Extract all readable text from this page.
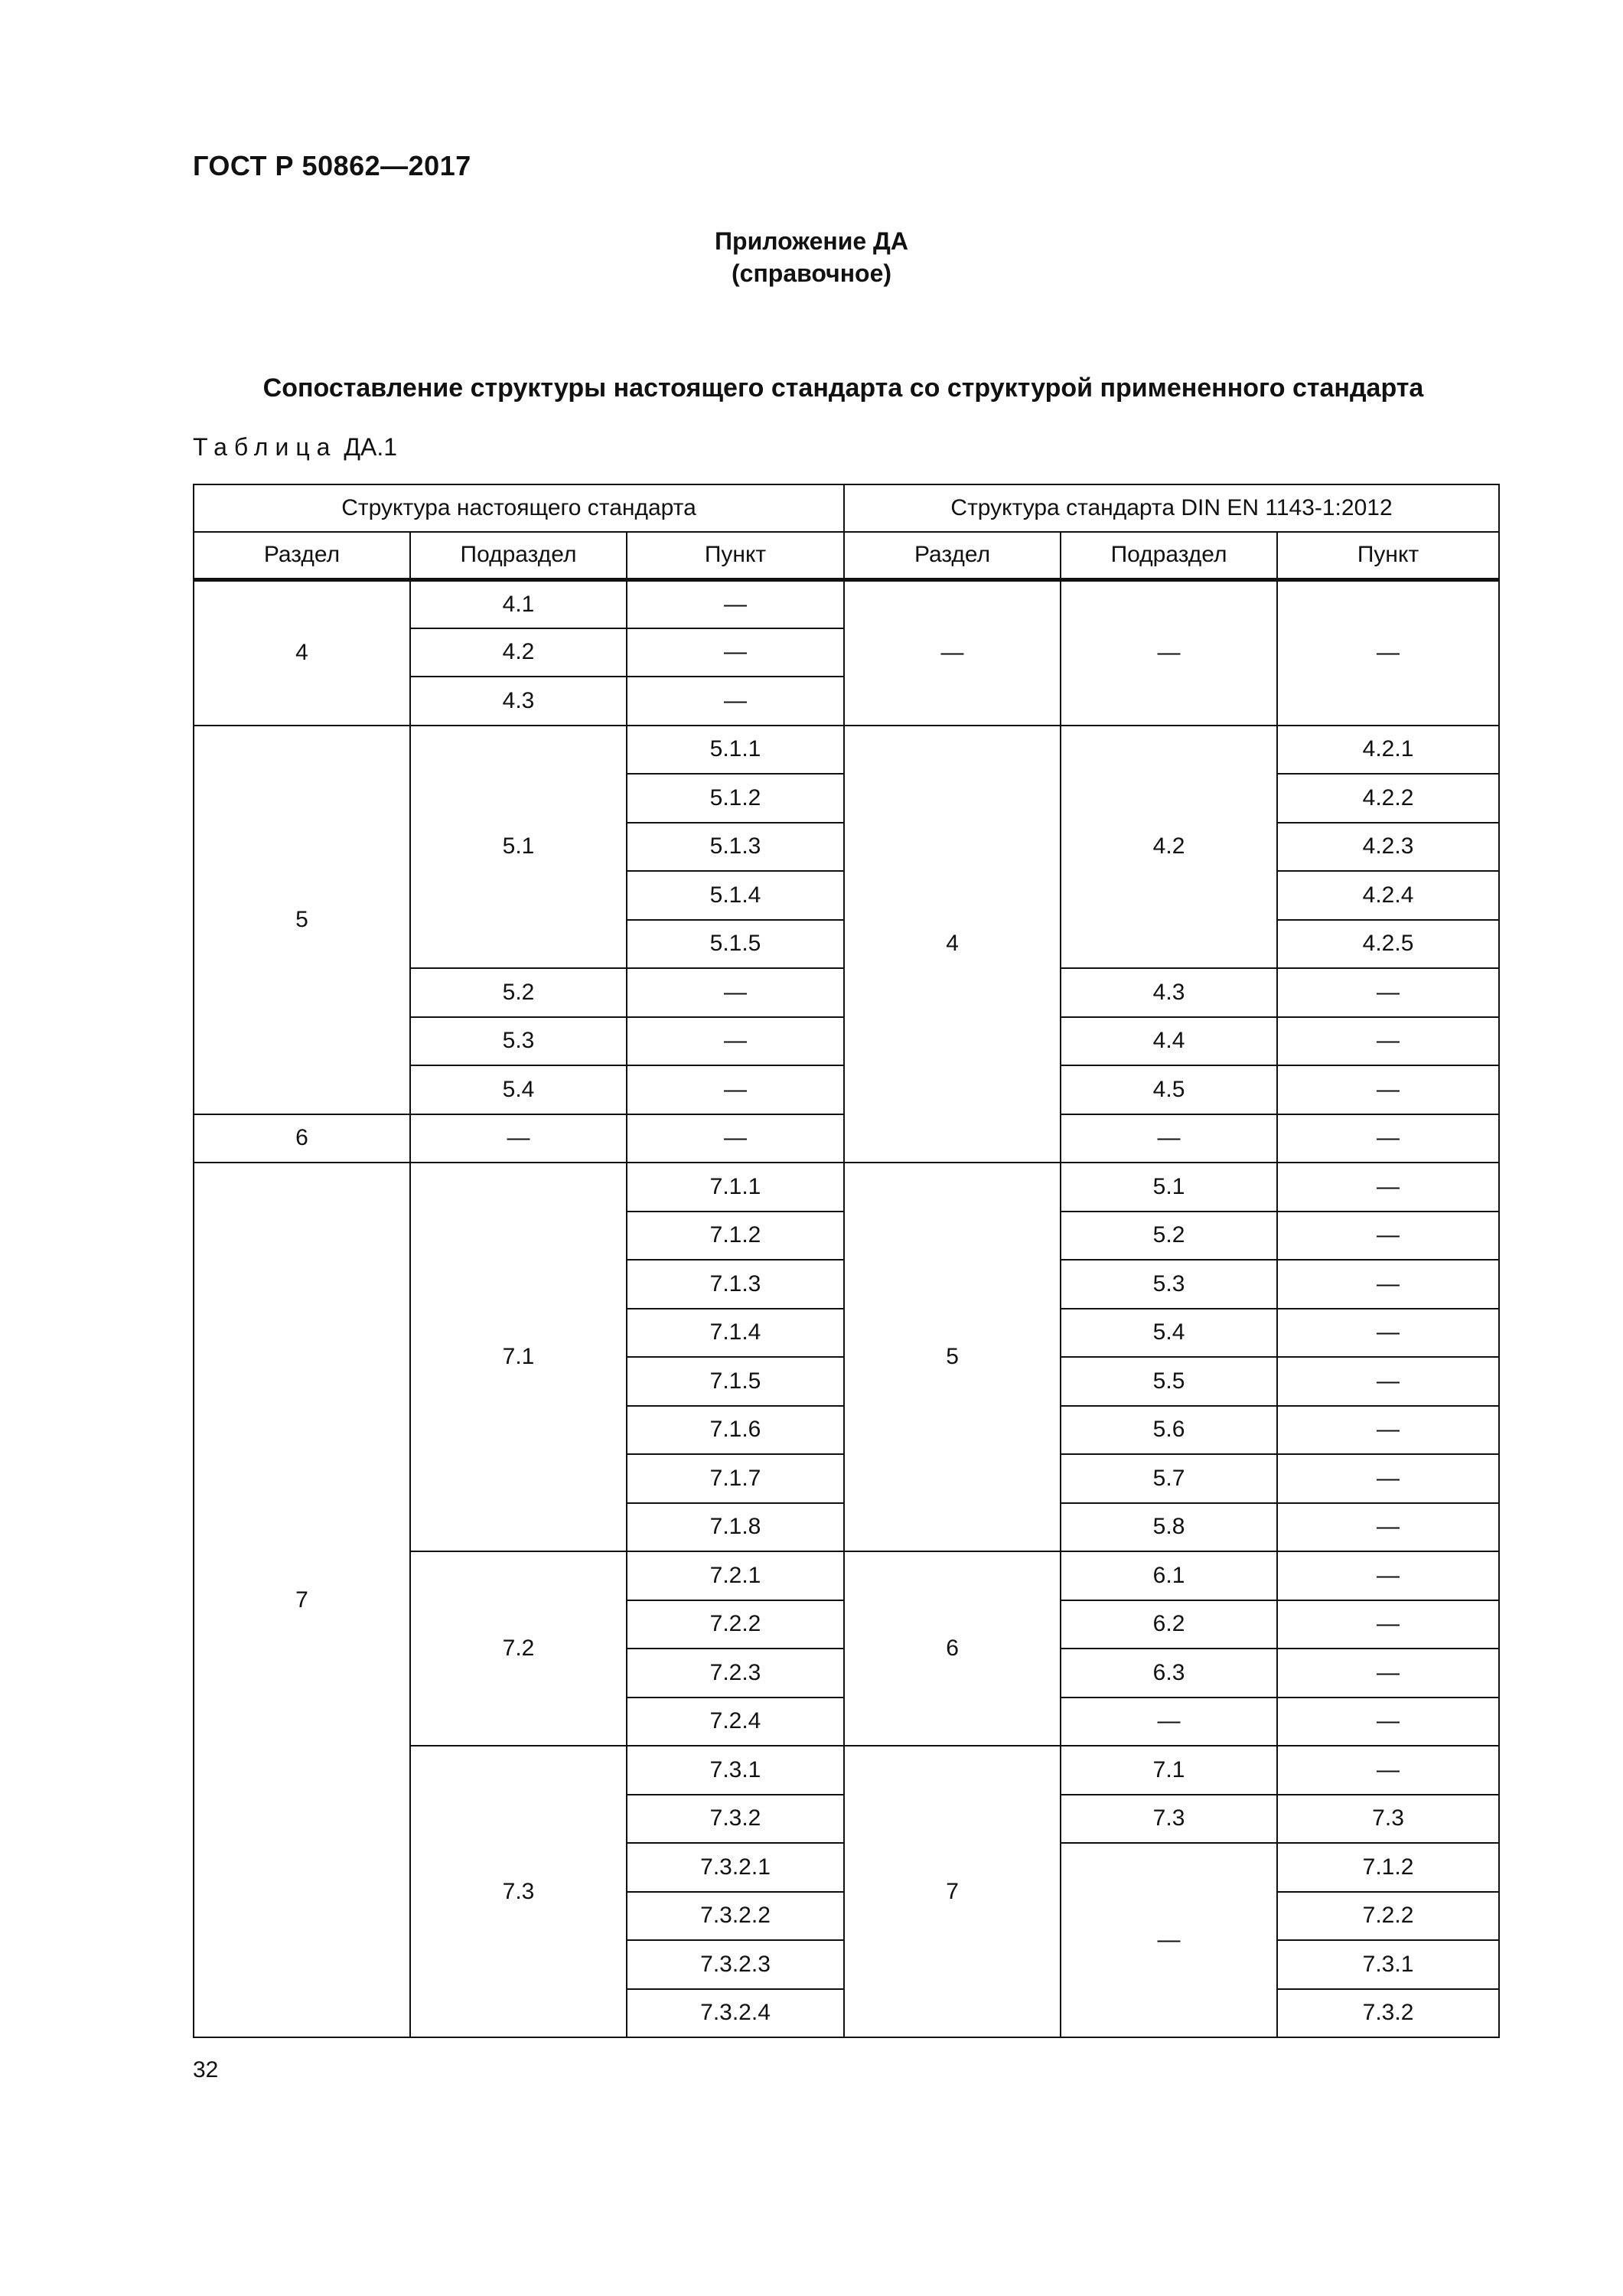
ГОСТ Р 50862—2017
Приложение ДА
(справочное)
Сопоставление структуры настоящего стандарта со структурой примененного стандарта
Таблица ДА.1
Структура настоящего стандарта			Структура стандарта DIN EN 1143-1:2012		
Раздел	Подраздел	Пункт	Раздел	Подраздел	Пункт
4	4.1	—	—	—	—
	4.2	—			
	4.3	—			
5	5.1	5.1.1	4	4.2	4.2.1
		5.1.2			4.2.2
		5.1.3			4.2.3
		5.1.4			4.2.4
		5.1.5			4.2.5
	5.2	—		4.3	—
	5.3	—		4.4	—
	5.4	—		4.5	—
6	—	—		—	—
7	7.1	7.1.1	5	5.1	—
		7.1.2		5.2	—
		7.1.3		5.3	—
		7.1.4		5.4	—
		7.1.5		5.5	—
		7.1.6		5.6	—
		7.1.7		5.7	—
		7.1.8		5.8	—
	7.2	7.2.1	6	6.1	—
		7.2.2		6.2	—
		7.2.3		6.3	—
		7.2.4		—	—
	7.3	7.3.1	7	7.1	—
		7.3.2		7.3	7.3
		7.3.2.1		—	7.1.2
		7.3.2.2			7.2.2
		7.3.2.3			7.3.1
		7.3.2.4			7.3.2
32
